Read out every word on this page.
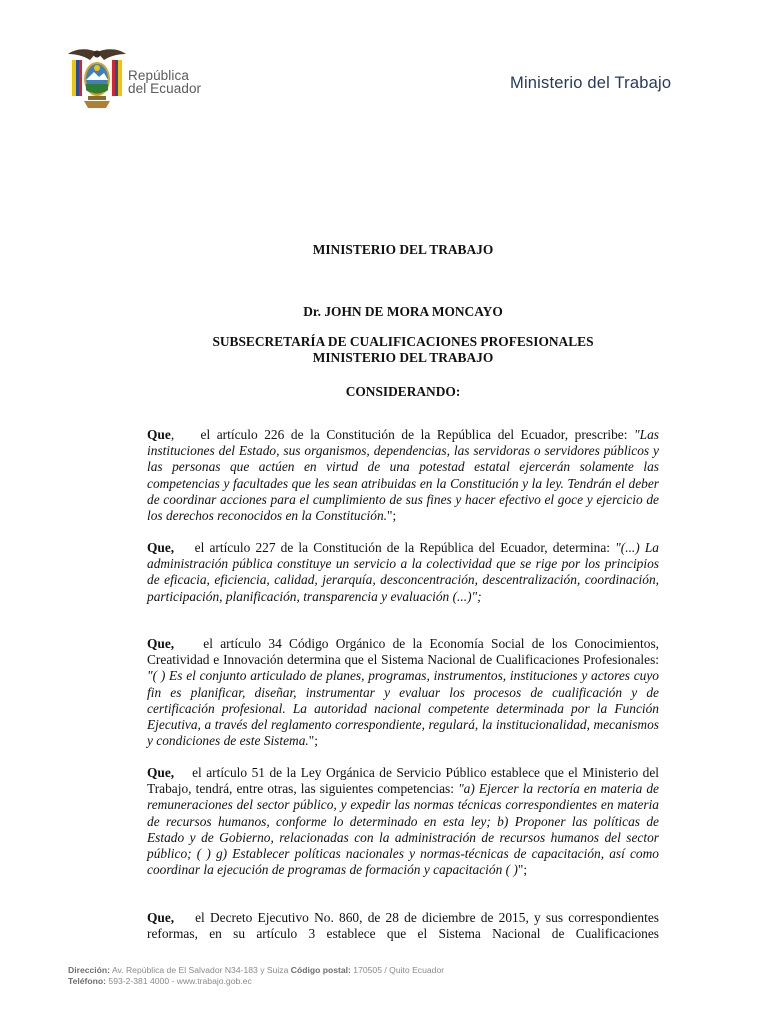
República
del Ecuador	Ministerio del Trabajo
MINISTERIO DEL TRABAJO
Dr. JOHN DE MORA MONCAYO
SUBSECRETARÍA DE CUALIFICACIONES PROFESIONALES
MINISTERIO DEL TRABAJO
CONSIDERANDO:
Que, el artículo 226 de la Constitución de la República del Ecuador, prescribe: "Las instituciones del Estado, sus organismos, dependencias, las servidoras o servidores públicos y las personas que actúen en virtud de una potestad estatal ejercerán solamente las competencias y facultades que les sean atribuidas en la Constitución y la ley. Tendrán el deber de coordinar acciones para el cumplimiento de sus fines y hacer efectivo el goce y ejercicio de los derechos reconocidos en la Constitución.";
Que, el artículo 227 de la Constitución de la República del Ecuador, determina: "(...) La administración pública constituye un servicio a la colectividad que se rige por los principios de eficacia, eficiencia, calidad, jerarquía, desconcentración, descentralización, coordinación, participación, planificación, transparencia y evaluación (...)";
Que, el artículo 34 Código Orgánico de la Economía Social de los Conocimientos, Creatividad e Innovación determina que el Sistema Nacional de Cualificaciones Profesionales: "( ) Es el conjunto articulado de planes, programas, instrumentos, instituciones y actores cuyo fin es planificar, diseñar, instrumentar y evaluar los procesos de cualificación y de certificación profesional. La autoridad nacional competente determinada por la Función Ejecutiva, a través del reglamento correspondiente, regulará, la institucionalidad, mecanismos y condiciones de este Sistema.";
Que, el artículo 51 de la Ley Orgánica de Servicio Público establece que el Ministerio del Trabajo, tendrá, entre otras, las siguientes competencias: "a) Ejercer la rectoría en materia de remuneraciones del sector público, y expedir las normas técnicas correspondientes en materia de recursos humanos, conforme lo determinado en esta ley; b) Proponer las políticas de Estado y de Gobierno, relacionadas con la administración de recursos humanos del sector público; ( ) g) Establecer políticas nacionales y normas-técnicas de capacitación, así como coordinar la ejecución de programas de formación y capacitación ( )";
Que, el Decreto Ejecutivo No. 860, de 28 de diciembre de 2015, y sus correspondientes reformas, en su artículo 3 establece que el Sistema Nacional de Cualificaciones
Dirección: Av. República de El Salvador N34-183 y Suiza Código postal: 170505 / Quito Ecuador
Teléfono: 593-2-381 4000 - www.trabajo.gob.ec
